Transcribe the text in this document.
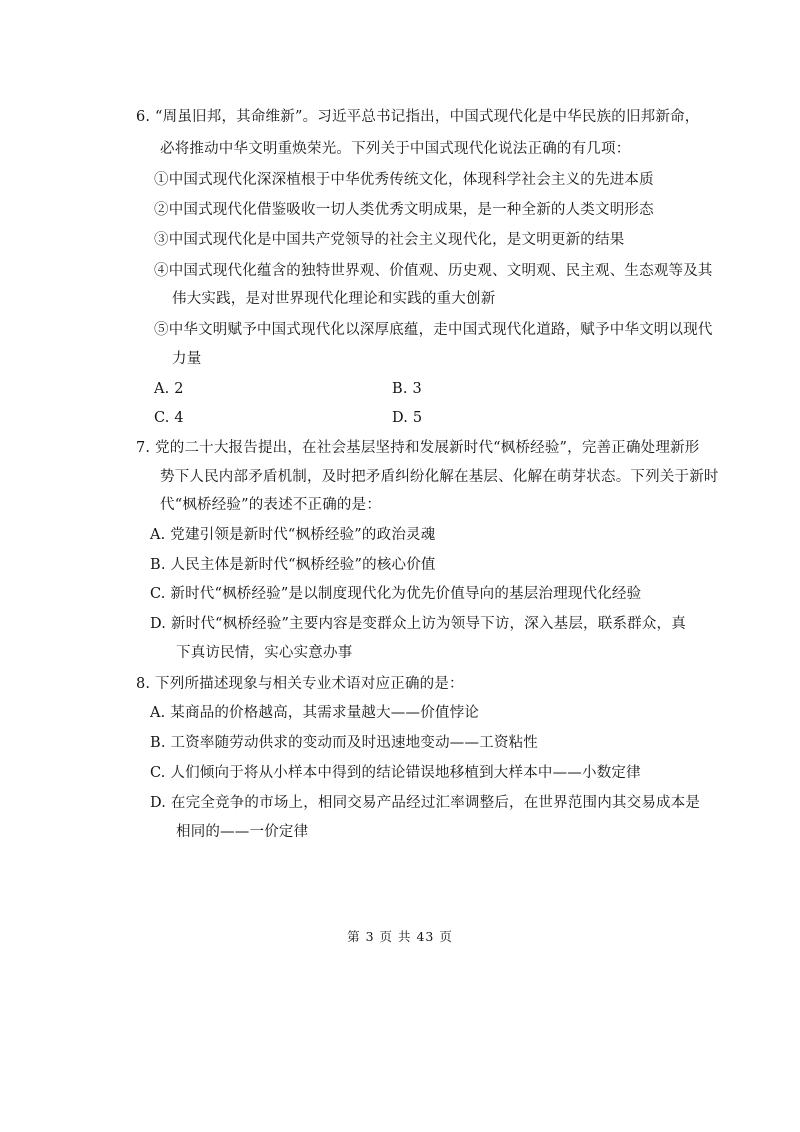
6. “周虽旧邦，其命维新”。习近平总书记指出，中国式现代化是中华民族的旧邦新命，
必将推动中华文明重焕荣光。下列关于中国式现代化说法正确的有几项：
①中国式现代化深深植根于中华优秀传统文化，体现科学社会主义的先进本质
②中国式现代化借鉴吸收一切人类优秀文明成果，是一种全新的人类文明形态
③中国式现代化是中国共产党领导的社会主义现代化，是文明更新的结果
④中国式现代化蕴含的独特世界观、价值观、历史观、文明观、民主观、生态观等及其
伟大实践，是对世界现代化理论和实践的重大创新
⑤中华文明赋予中国式现代化以深厚底蕴，走中国式现代化道路，赋予中华文明以现代
力量
A. 2	B. 3
C. 4	D. 5
7. 党的二十大报告提出，在社会基层坚持和发展新时代“枫桥经验”，完善正确处理新形
势下人民内部矛盾机制，及时把矛盾纠纷化解在基层、化解在萌芽状态。下列关于新时
代“枫桥经验”的表述不正确的是：
A. 党建引领是新时代“枫桥经验”的政治灵魂
B. 人民主体是新时代“枫桥经验”的核心价值
C. 新时代“枫桥经验”是以制度现代化为优先价值导向的基层治理现代化经验
D. 新时代“枫桥经验”主要内容是变群众上访为领导下访，深入基层，联系群众，真
下真访民情，实心实意办事
8. 下列所描述现象与相关专业术语对应正确的是：
A. 某商品的价格越高，其需求量越大——价值悖论
B. 工资率随劳动供求的变动而及时迅速地变动——工资粘性
C. 人们倾向于将从小样本中得到的结论错误地移植到大样本中——小数定律
D. 在完全竞争的市场上，相同交易产品经过汇率调整后，在世界范围内其交易成本是
相同的——一价定律
第 3 页 共 43 页
